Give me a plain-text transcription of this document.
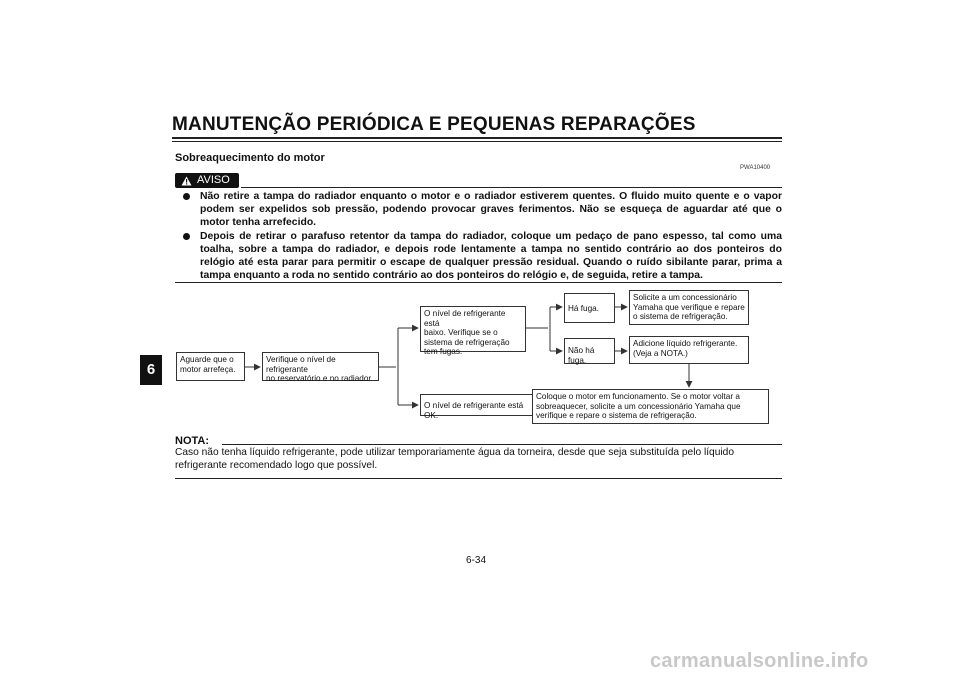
MANUTENÇÃO PERIÓDICA E PEQUENAS REPARAÇÕES
6
Sobreaquecimento do motor
PWA10400
AVISO
Não retire a tampa do radiador enquanto o motor e o radiador estiverem quentes. O fluido muito quente e o vapor podem ser expelidos sob pressão, podendo provocar graves ferimentos. Não se esqueça de aguardar até que o motor tenha arrefecido.
Depois de retirar o parafuso retentor da tampa do radiador, coloque um pedaço de pano espesso, tal como uma toalha, sobre a tampa do radiador, e depois rode lentamente a tampa no sentido contrário ao dos ponteiros do relógio até esta parar para permitir o escape de qualquer pressão residual. Quando o ruído sibilante parar, prima a tampa enquanto a roda no sentido contrário ao dos ponteiros do relógio e, de seguida, retire a tampa.
Aguarde que o
motor arrefeça.
Verifique o nível de refrigerante
no reservatório e no radiador.
O nível de refrigerante está
baixo. Verifique se o
sistema de refrigeração
tem fugas.
O nível de refrigerante está OK.
Há fuga.
Solicite a um concessionário
Yamaha que verifique e repare
o sistema de refrigeração.
Não há fuga.
Adicione líquido refrigerante.
(Veja a NOTA.)
Coloque o motor em funcionamento. Se o motor voltar a
sobreaquecer, solicite a um concessionário Yamaha que
verifique e repare o sistema de refrigeração.
NOTA:
Caso não tenha líquido refrigerante, pode utilizar temporariamente água da torneira, desde que seja substituída pelo líquido refrigerante recomendado logo que possível.
6-34
carmanualsonline.info
